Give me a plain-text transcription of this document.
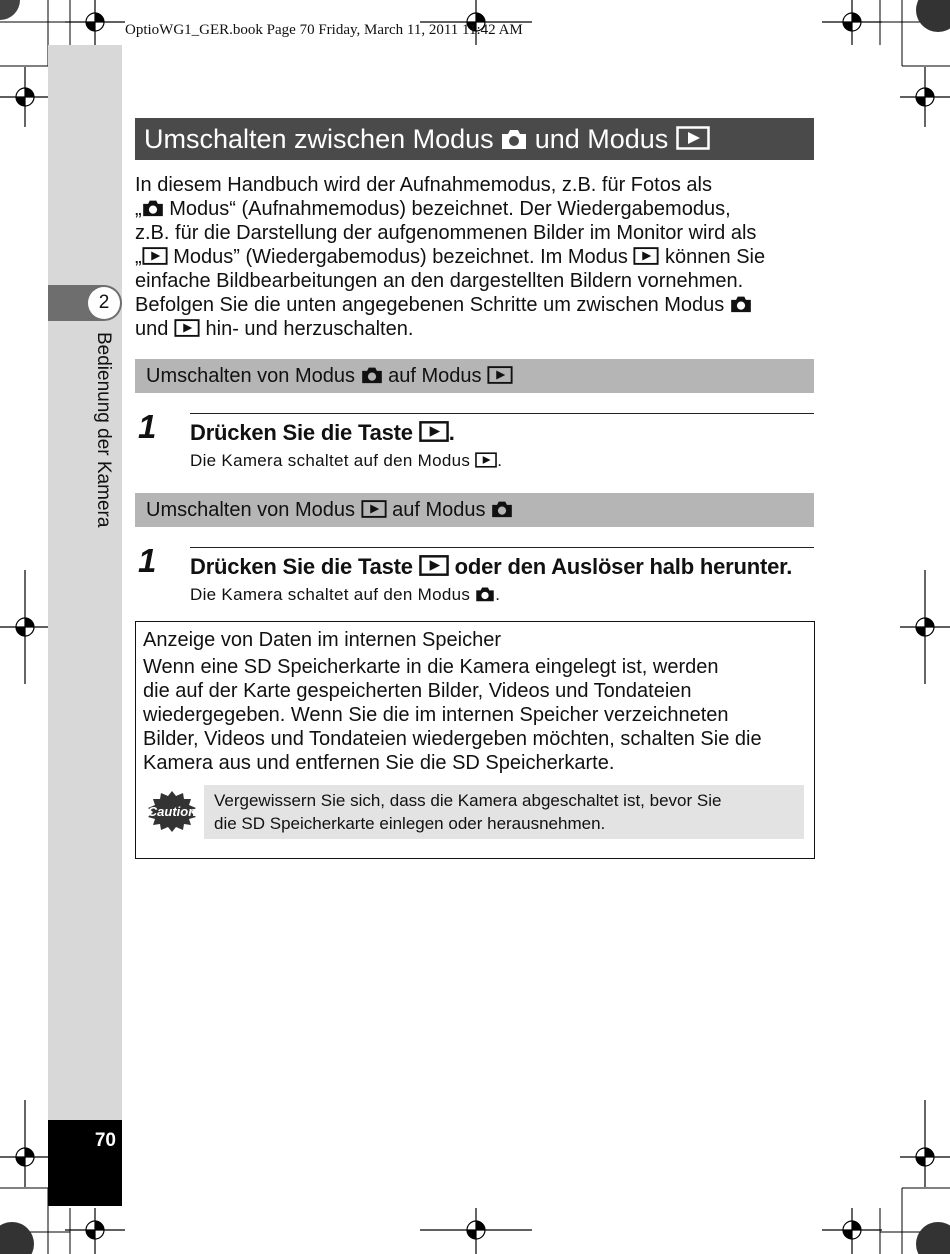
OptioWG1_GER.book Page 70 Friday, March 11, 2011 11:42 AM
2
Bedienung der Kamera
70
Umschalten zwischen Modus und Modus

In diesem Handbuch wird der Aufnahmemodus, z.B. für Fotos als

„ Modus“ (Aufnahmemodus) bezeichnet. Der Wiedergabemodus,

z.B. für die Darstellung der aufgenommenen Bilder im Monitor wird als

„ Modus” (Wiedergabemodus) bezeichnet. Im Modus können Sie

einfache Bildbearbeitungen an den dargestellten Bildern vornehmen.

Befolgen Sie die unten angegebenen Schritte um zwischen Modus

und hin- und herzuschalten.

Umschalten von Modus auf Modus
1 Drücken Sie die Taste .
Die Kamera schaltet auf den Modus .
Umschalten von Modus auf Modus
1 Drücken Sie die Taste oder den Auslöser halb herunter.
Die Kamera schaltet auf den Modus .
Anzeige von Daten im internen Speicher

Wenn eine SD Speicherkarte in die Kamera eingelegt ist, werden

die auf der Karte gespeicherten Bilder, Videos und Tondateien

wiedergegeben. Wenn Sie die im internen Speicher verzeichneten

Bilder, Videos und Tondateien wiedergeben möchten, schalten Sie die

Kamera aus und entfernen Sie die SD Speicherkarte.

Caution

Vergewissern Sie sich, dass die Kamera abgeschaltet ist, bevor Sie

die SD Speicherkarte einlegen oder herausnehmen.
